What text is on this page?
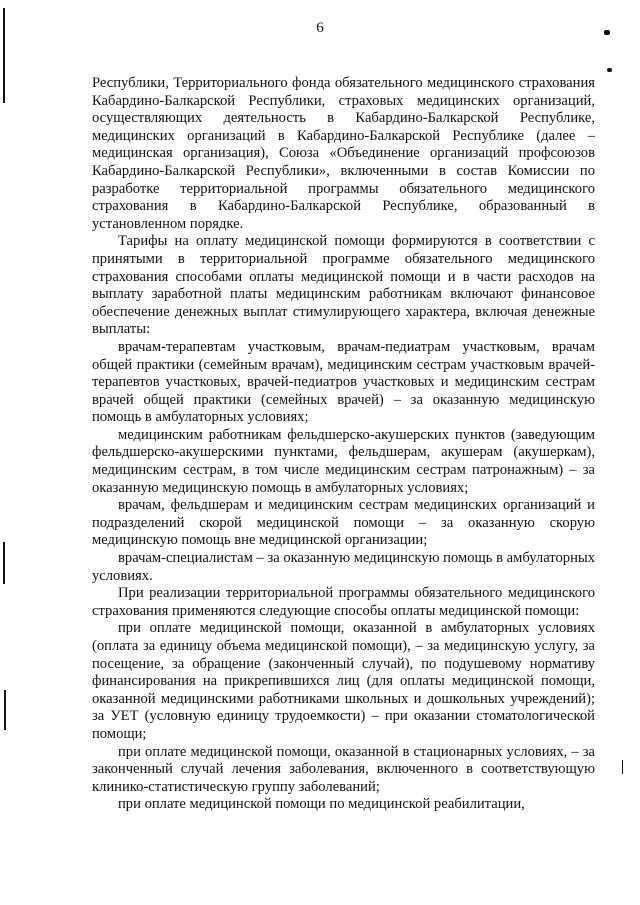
6

Республики, Территориального фонда обязательного медицинского страхования Кабардино-Балкарской Республики, страховых медицинских организаций, осуществляющих деятельность в Кабардино-Балкарской Республике, медицинских организаций в Кабардино-Балкарской Республике (далее – медицинская организация), Союза «Объединение организаций профсоюзов Кабардино-Балкарской Республики», включенными в состав Комиссии по разработке территориальной программы обязательного медицинского страхования в Кабардино-Балкарской Республике, образованный в установленном порядке.

Тарифы на оплату медицинской помощи формируются в соответствии с принятыми в территориальной программе обязательного медицинского страхования способами оплаты медицинской помощи и в части расходов на выплату заработной платы медицинским работникам включают финансовое обеспечение денежных выплат стимулирующего характера, включая денежные выплаты:

врачам-терапевтам участковым, врачам-педиатрам участковым, врачам общей практики (семейным врачам), медицинским сестрам участковым врачей-терапевтов участковых, врачей-педиатров участковых и медицинским сестрам врачей общей практики (семейных врачей) – за оказанную медицинскую помощь в амбулаторных условиях;

медицинским работникам фельдшерско-акушерских пунктов (заведующим фельдшерско-акушерскими пунктами, фельдшерам, акушерам (акушеркам), медицинским сестрам, в том числе медицинским сестрам патронажным) – за оказанную медицинскую помощь в амбулаторных условиях;

врачам, фельдшерам и медицинским сестрам медицинских организаций и подразделений скорой медицинской помощи – за оказанную скорую медицинскую помощь вне медицинской организации;

врачам-специалистам – за оказанную медицинскую помощь в амбулаторных условиях.

При реализации территориальной программы обязательного медицинского страхования применяются следующие способы оплаты медицинской помощи:

при оплате медицинской помощи, оказанной в амбулаторных условиях (оплата за единицу объема медицинской помощи), – за медицинскую услугу, за посещение, за обращение (законченный случай), по подушевому нормативу финансирования на прикрепившихся лиц (для оплаты медицинской помощи, оказанной медицинскими работниками школьных и дошкольных учреждений); за УЕТ (условную единицу трудоемкости) – при оказании стоматологической помощи;

при оплате медицинской помощи, оказанной в стационарных условиях, – за законченный случай лечения заболевания, включенного в соответствующую клинико-статистическую группу заболеваний;

при оплате медицинской помощи по медицинской реабилитации,
